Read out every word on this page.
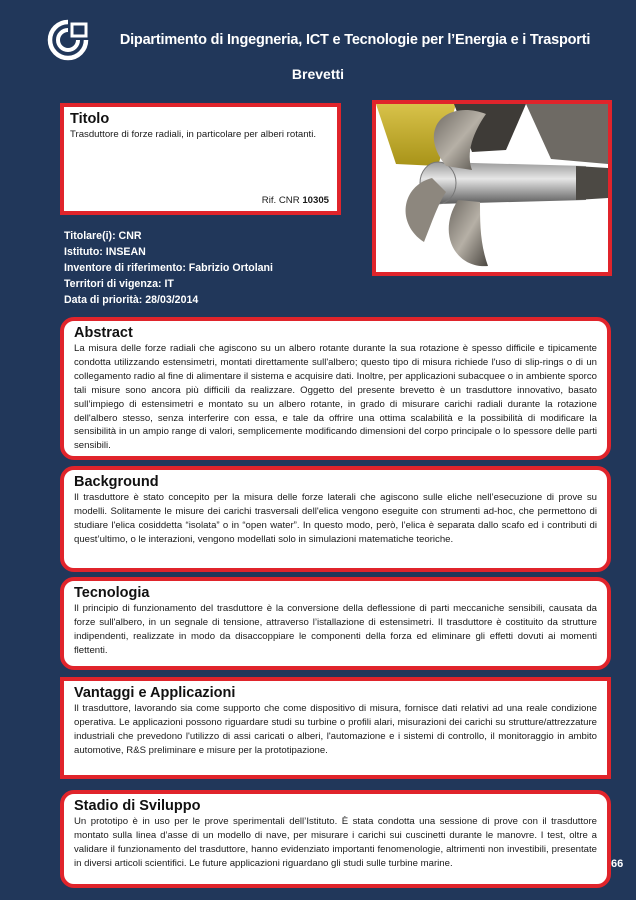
Dipartimento di Ingegneria, ICT e Tecnologie per l’Energia e i Trasporti
Brevetti
Titolo

Trasduttore di forze radiali, in particolare per alberi rotanti.

Rif. CNR 10305
Titolare(i): CNR
Istituto: INSEAN
Inventore di riferimento: Fabrizio Ortolani
Territori di vigenza: IT
Data di priorità: 28/03/2014
Abstract

La misura delle forze radiali che agiscono su un albero rotante durante la sua rotazione è spesso difficile e tipicamente condotta utilizzando estensimetri, montati direttamente sull'albero; questo tipo di misura richiede l'uso di slip-rings o di un collegamento radio al fine di alimentare il sistema e acquisire dati. Inoltre, per applicazioni subacquee o in ambiente sporco tali misure sono ancora più difficili da realizzare. Oggetto del presente brevetto è un trasduttore innovativo, basato sull’impiego di estensimetri e montato su un albero rotante, in grado di misurare carichi radiali durante la rotazione dell'albero stesso, senza interferire con essa, e tale da offrire una ottima scalabilità e la possibilità di modificare la sensibilità in un ampio range di valori, semplicemente modificando dimensioni del corpo principale o lo spessore delle parti sensibili.

Background

Il trasduttore è stato concepito per la misura delle forze laterali che agiscono sulle eliche nell’esecuzione di prove su modelli. Solitamente le misure dei carichi trasversali dell'elica vengono eseguite con strumenti ad-hoc, che permettono di studiare l'elica cosiddetta “isolata” o in “open water”. In questo modo, però, l’elica è separata dallo scafo ed i contributi di quest’ultimo, o le interazioni, vengono modellati solo in simulazioni matematiche teoriche.

Tecnologia

Il principio di funzionamento del trasduttore è la conversione della deflessione di parti meccaniche sensibili, causata da forze sull'albero, in un segnale di tensione, attraverso l’istallazione di estensimetri. Il trasduttore è costituito da strutture indipendenti, realizzate in modo da disaccoppiare le componenti della forza ed eliminare gli effetti dovuti ai momenti flettenti.

Vantaggi e Applicazioni

Il trasduttore, lavorando sia come supporto che come dispositivo di misura, fornisce dati relativi ad una reale condizione operativa. Le applicazioni possono riguardare studi su turbine o profili alari, misurazioni dei carichi su strutture/attrezzature industriali che prevedono l'utilizzo di assi caricati o alberi, l'automazione e i sistemi di controllo, il monitoraggio in ambito automotive, R&S preliminare e misure per la prototipazione.

Stadio di Sviluppo

Un prototipo è in uso per le prove sperimentali dell’Istituto. È stata condotta una sessione di prove con il trasduttore montato sulla linea d’asse di un modello di nave, per misurare i carichi sui cuscinetti durante le manovre. I test, oltre a validare il funzionamento del trasduttore, hanno evidenziato importanti fenomenologie, altrimenti non investibili, presentate in diversi articoli scientifici. Le future applicazioni riguardano gli studi sulle turbine marine.	66
